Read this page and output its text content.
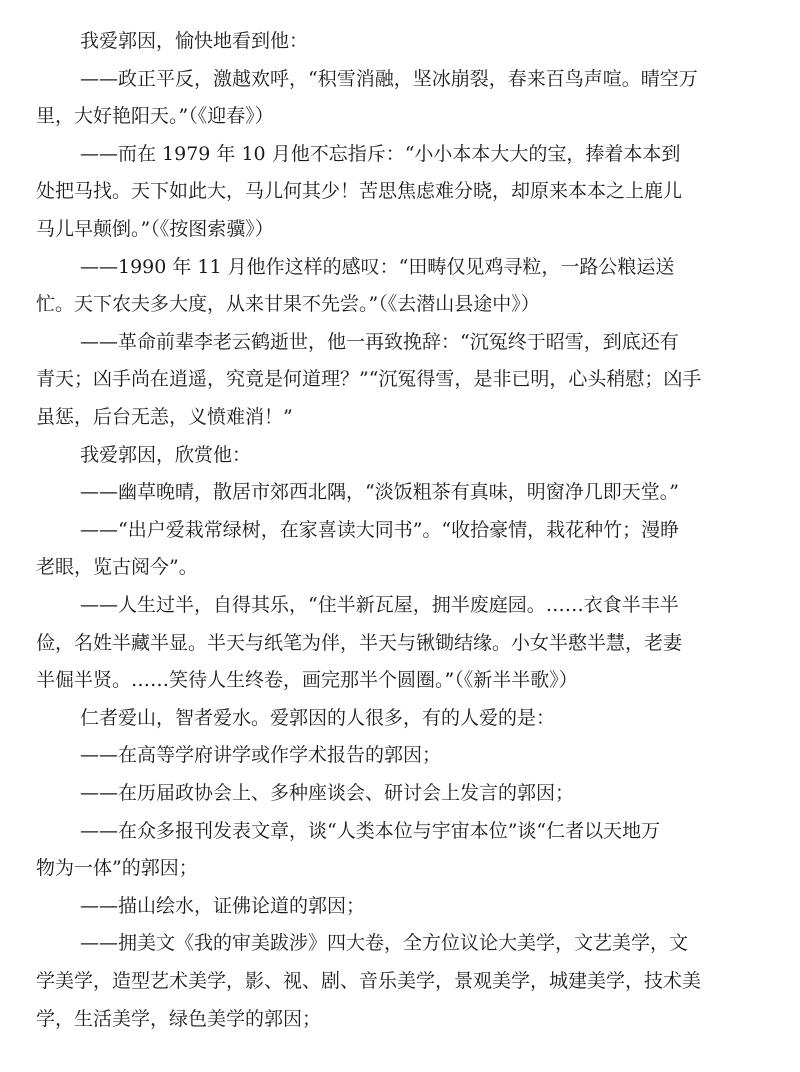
我爱郭因，愉快地看到他：

——政正平反，激越欢呼，“积雪消融，坚冰崩裂，春来百鸟声喧。晴空万

里，大好艳阳天。”（《迎春》）

——而在 1979 年 10 月他不忘指斥：“小小本本大大的宝，捧着本本到

处把马找。天下如此大，马儿何其少！苦思焦虑难分晓，却原来本本之上鹿儿

马儿早颠倒。”（《按图索骥》）

——1990 年 11 月他作这样的感叹：“田畴仅见鸡寻粒，一路公粮运送

忙。天下农夫多大度，从来甘果不先尝。”（《去潜山县途中》）

——革命前辈李老云鹤逝世，他一再致挽辞：“沉冤终于昭雪，到底还有

青天；凶手尚在逍遥，究竟是何道理？”“沉冤得雪，是非已明，心头稍慰；凶手

虽惩，后台无恙，义愤难消！”

我爱郭因，欣赏他：

——幽草晚晴，散居市郊西北隅，“淡饭粗茶有真味，明窗净几即天堂。”

——“出户爱栽常绿树，在家喜读大同书”。“收拾豪情，栽花种竹；漫睁

老眼，览古阅今”。

——人生过半，自得其乐，“住半新瓦屋，拥半废庭园。……衣食半丰半

俭，名姓半藏半显。半天与纸笔为伴，半天与锹锄结缘。小女半憨半慧，老妻

半倔半贤。……笑待人生终卷，画完那半个圆圈。”（《新半半歌》）

仁者爱山，智者爱水。爱郭因的人很多，有的人爱的是：

——在高等学府讲学或作学术报告的郭因；

——在历届政协会上、多种座谈会、研讨会上发言的郭因；

——在众多报刊发表文章，谈“人类本位与宇宙本位”谈“仁者以天地万

物为一体”的郭因；

——描山绘水，证佛论道的郭因；

——拥美文《我的审美跋涉》四大卷，全方位议论大美学，文艺美学，文

学美学，造型艺术美学，影、视、剧、音乐美学，景观美学，城建美学，技术美

学，生活美学，绿色美学的郭因；
